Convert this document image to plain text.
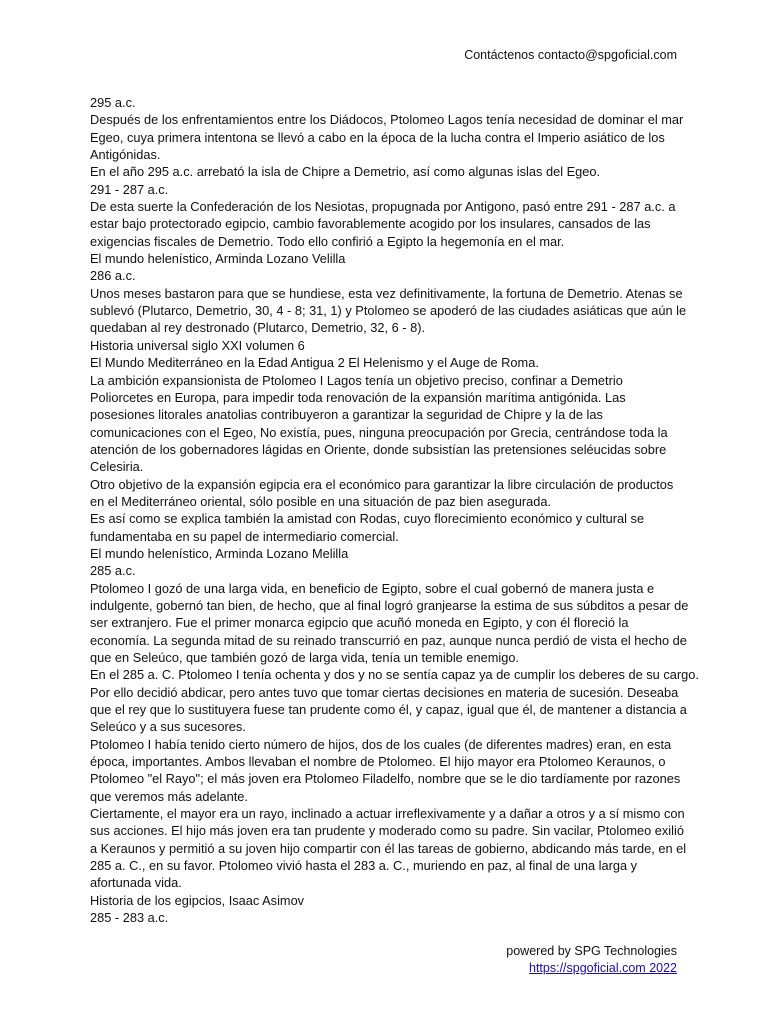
Contáctenos contacto@spgoficial.com
295 a.c.
Después de los enfrentamientos entre los Diádocos, Ptolomeo Lagos tenía necesidad de dominar el mar
Egeo, cuya primera intentona se llevó a cabo en la época de la lucha contra el Imperio asiático de los
Antigónidas.
En el año 295 a.c. arrebató la isla de Chipre a Demetrio, así como algunas islas del Egeo.
291 - 287 a.c.
De esta suerte la Confederación de los Nesiotas, propugnada por Antigono, pasó entre 291 - 287 a.c. a
estar bajo protectorado egipcio, cambio favorablemente acogido por los insulares, cansados de las
exigencias fiscales de Demetrio. Todo ello confirió a Egipto la hegemonía en el mar.
El mundo helenístico, Arminda Lozano Velilla
286 a.c.
Unos meses bastaron para que se hundiese, esta vez definitivamente, la fortuna de Demetrio. Atenas se
sublevó (Plutarco, Demetrio, 30, 4 - 8; 31, 1) y Ptolomeo se apoderó de las ciudades asiáticas que aún le
quedaban al rey destronado (Plutarco, Demetrio, 32, 6 - 8).
Historia universal siglo XXI volumen 6
El Mundo Mediterráneo en la Edad Antigua 2 El Helenismo y el Auge de Roma.
La ambición expansionista de Ptolomeo I Lagos tenía un objetivo preciso, confinar a Demetrio
Poliorcetes en Europa, para impedir toda renovación de la expansión marítima antigónida. Las
posesiones litorales anatolias contribuyeron a garantizar la seguridad de Chipre y la de las
comunicaciones con el Egeo, No existía, pues, ninguna preocupación por Grecia, centrándose toda la
atención de los gobernadores lágidas en Oriente, donde subsistían las pretensiones seléucidas sobre
Celesiria.
Otro objetivo de la expansión egipcia era el económico para garantizar la libre circulación de productos
en el Mediterráneo oriental, sólo posible en una situación de paz bien asegurada.
Es así como se explica también la amistad con Rodas, cuyo florecimiento económico y cultural se
fundamentaba en su papel de intermediario comercial.
El mundo helenístico, Arminda Lozano Melilla
285 a.c.
Ptolomeo I gozó de una larga vida, en beneficio de Egipto, sobre el cual gobernó de manera justa e
indulgente, gobernó tan bien, de hecho, que al final logró granjearse la estima de sus súbditos a pesar de
ser extranjero. Fue el primer monarca egipcio que acuñó moneda en Egipto, y con él floreció la
economía. La segunda mitad de su reinado transcurrió en paz, aunque nunca perdió de vista el hecho de
que en Seleúco, que también gozó de larga vida, tenía un temible enemigo.
En el 285 a. C. Ptolomeo I tenía ochenta y dos y no se sentía capaz ya de cumplir los deberes de su cargo.
Por ello decidió abdicar, pero antes tuvo que tomar ciertas decisiones en materia de sucesión. Deseaba
que el rey que lo sustituyera fuese tan prudente como él, y capaz, igual que él, de mantener a distancia a
Seleúco y a sus sucesores.
Ptolomeo I había tenido cierto número de hijos, dos de los cuales (de diferentes madres) eran, en esta
época, importantes. Ambos llevaban el nombre de Ptolomeo. El hijo mayor era Ptolomeo Keraunos, o
Ptolomeo "el Rayo"; el más joven era Ptolomeo Filadelfo, nombre que se le dio tardíamente por razones
que veremos más adelante.
Ciertamente, el mayor era un rayo, inclinado a actuar irreflexivamente y a dañar a otros y a sí mismo con
sus acciones. El hijo más joven era tan prudente y moderado como su padre. Sin vacilar, Ptolomeo exilió
a Keraunos y permitió a su joven hijo compartir con él las tareas de gobierno, abdicando más tarde, en el
285 a. C., en su favor. Ptolomeo vivió hasta el 283 a. C., muriendo en paz, al final de una larga y
afortunada vida.
Historia de los egipcios, Isaac Asimov
285 - 283 a.c.
powered by SPG Technologies
https://spgoficial.com 2022
